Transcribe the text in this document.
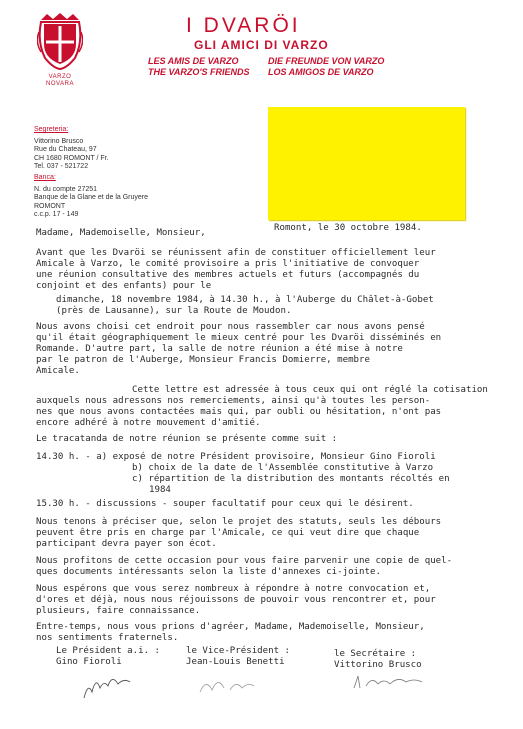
VARZO
NOVARA
I DVARÖI
GLI AMICI DI VARZO
LES AMIS DE VARZO
THE VARZO'S FRIENDS
DIE FREUNDE VON VARZO
LOS AMIGOS DE VARZO
Segreteria:
Vittorino Brusco
Rue du Chateau, 97
CH 1680 ROMONT / Fr.
Tel. 037 - 521722
Banca:
N. du compte 27251
Banque de la Glane et de la Gruyere
ROMONT
c.c.p. 17 - 149
Madame, Mademoiselle, Monsieur,	Romont, le 30 octobre 1984.
Avant que les Dvaröi se réunissent afin de constituer officiellement leur
Amicale à Varzo, le comité provisoire a pris l'initiative de convoquer
une réunion consultative des membres actuels et futurs (accompagnés du
conjoint et des enfants) pour le
dimanche, 18 novembre 1984, à 14.30 h., à l'Auberge du Châlet-à-Gobet
(près de Lausanne), sur la Route de Moudon.
Nous avons choisi cet endroit pour nous rassembler car nous avons pensé
qu'il était géographiquement le mieux centré pour les Dvaröi disséminés en
Romande. D'autre part, la salle de notre réunion a été mise à notre
par le patron de l'Auberge, Monsieur Francis Domierre, membre
Amicale.
Cette lettre est adressée à tous ceux qui ont réglé la cotisation
auxquels nous adressons nos remerciements, ainsi qu'à toutes les person-
nes que nous avons contactées mais qui, par oubli ou hésitation, n'ont pas
encore adhéré à notre mouvement d'amitié.
Le tracatanda de notre réunion se présente comme suit :
14.30 h. - a) exposé de notre Président provisoire, Monsieur Gino Fioroli
b) choix de la date de l'Assemblée constitutive à Varzo
c) répartition de la distribution des montants récoltés en
1984
15.30 h. - discussions - souper facultatif pour ceux qui le désirent.
Nous tenons à préciser que, selon le projet des statuts, seuls les débours
peuvent être pris en charge par l'Amicale, ce qui veut dire que chaque
participant devra payer son écot.
Nous profitons de cette occasion pour vous faire parvenir une copie de quel-
ques documents intéressants selon la liste d'annexes ci-jointe.
Nous espérons que vous serez nombreux à répondre à notre convocation et,
d'ores et déjà, nous nous réjouissons de pouvoir vous rencontrer et, pour
plusieurs, faire connaissance.
Entre-temps, nous vous prions d'agréer, Madame, Mademoiselle, Monsieur,
nos sentiments fraternels.
Le Président a.i. :
Gino Fioroli
le Vice-Président :
Jean-Louis Benetti
le Secrétaire :
Vittorino Brusco
